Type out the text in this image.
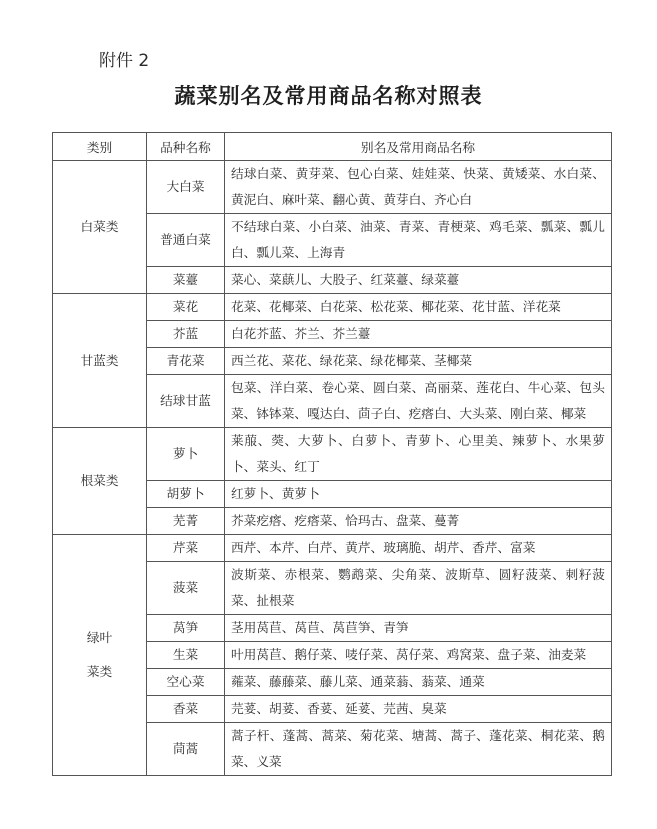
附件 2
蔬菜别名及常用商品名称对照表
类别	品种名称	别名及常用商品名称
白菜类	大白菜	结球白菜、黄芽菜、包心白菜、娃娃菜、快菜、黄矮菜、水白菜、黄泥白、麻叶菜、翻心黄、黄芽白、齐心白
	普通白菜	不结球白菜、小白菜、油菜、青菜、青梗菜、鸡毛菜、瓢菜、瓢儿白、瓢儿菜、上海青
	菜薹	菜心、菜蕻儿、大股子、红菜薹、绿菜薹
甘蓝类	菜花	花菜、花椰菜、白花菜、松花菜、椰花菜、花甘蓝、洋花菜
	芥蓝	白花芥蓝、芥兰、芥兰薹
	青花菜	西兰花、菜花、绿花菜、绿花椰菜、茎椰菜
	结球甘蓝	包菜、洋白菜、卷心菜、圆白菜、高丽菜、莲花白、牛心菜、包头菜、钵钵菜、嘎达白、茴子白、疙瘩白、大头菜、刚白菜、椰菜
根菜类	萝卜	莱菔、葖、大萝卜、白萝卜、青萝卜、心里美、辣萝卜、水果萝卜、菜头、红丁
	胡萝卜	红萝卜、黄萝卜
	芜菁	芥菜疙瘩、疙瘩菜、恰玛古、盘菜、蔓菁
绿叶菜类	芹菜	西芹、本芹、白芹、黄芹、玻璃脆、胡芹、香芹、富菜
	菠菜	波斯菜、赤根菜、鹦鹉菜、尖角菜、波斯草、圆籽菠菜、刺籽菠菜、扯根菜
	莴笋	茎用莴苣、莴苣、莴苣笋、青笋
	生菜	叶用莴苣、鹅仔菜、唛仔菜、莴仔菜、鸡窝菜、盘子菜、油麦菜
	空心菜	蕹菜、藤藤菜、藤儿菜、通菜蓊、蓊菜、通菜
	香菜	芫荽、胡荽、香荽、延荽、芫茜、臭菜
	茼蒿	蒿子杆、蓬蒿、蒿菜、菊花菜、塘蒿、蒿子、蓬花菜、桐花菜、鹅菜、义菜
